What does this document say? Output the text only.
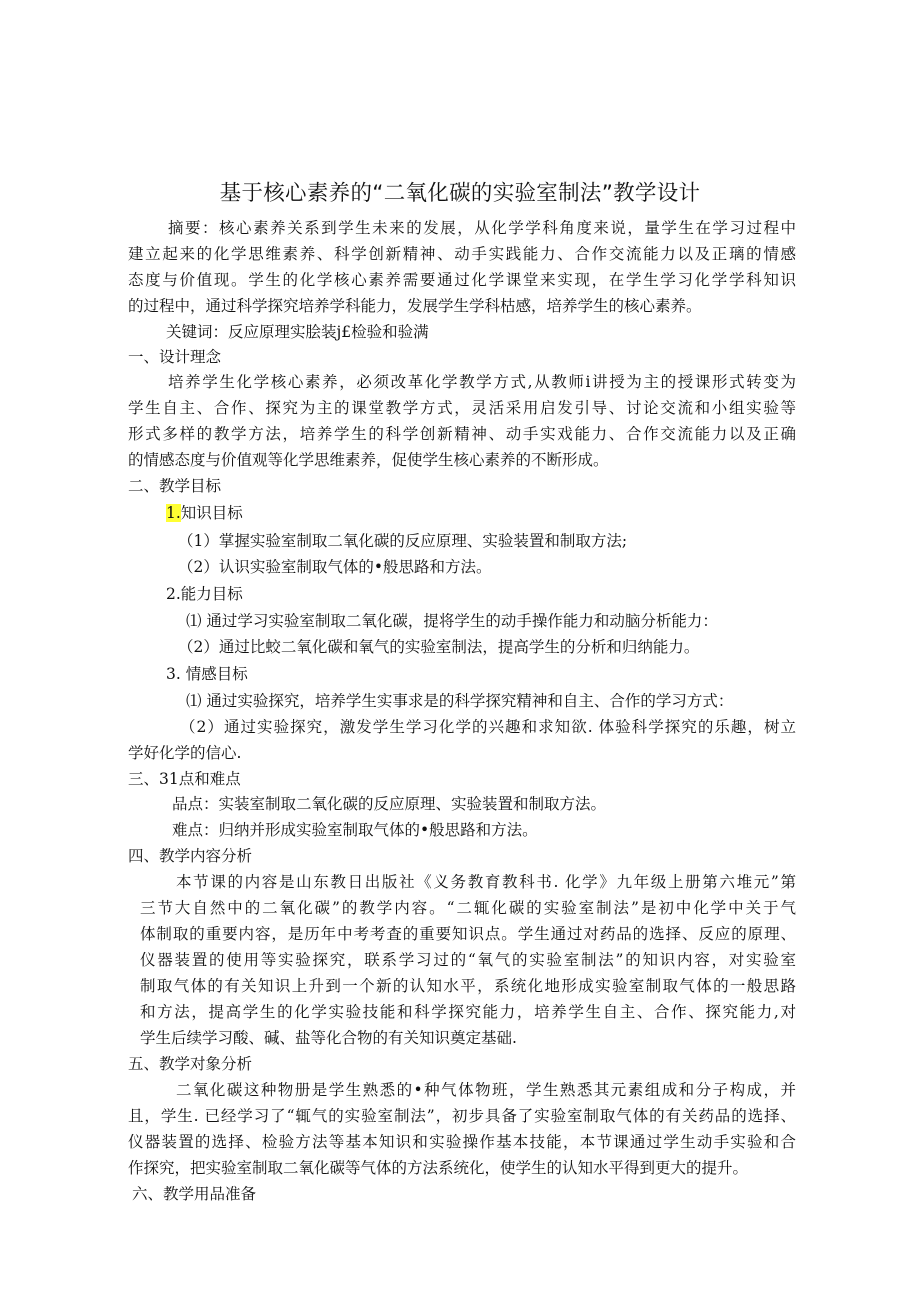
基于核心素养的“二氧化碳的实验室制法”教学设计
摘要：核心素养关系到学生未来的发展，从化学学科角度来说，量学生在学习过程中
建立起来的化学思维素养、科学创新精神、动手实践能力、合作交流能力以及正璃的情感
态度与价值现。学生的化学核心素养需要通过化学课堂来实现，在学生学习化学学科知识
的过程中，通过科学探究培养学科能力，发展学生学科枯感，培养学生的核心素养。
关键词：反应原理实脍装j£检验和验满
一、设计理念
培养学生化学核心素养，必须改革化学教学方式,从教师i讲授为主的授课形式转变为
学生自主、合作、探究为主的课堂教学方式，灵活采用启发引导、讨论交流和小组实验等
形式多样的教学方法，培养学生的科学创新精神、动手实戏能力、合作交流能力以及正确
的情感态度与价值观等化学思维素养，促使学生核心素养的不断形成。
二、教学目标
1.知识目标
（1）掌握实验室制取二氧化碳的反应原理、实验装置和制取方法;
（2）认识实验室制取气体的•般思路和方法。
2.能力目标
⑴ 通过学习实验室制取二氧化碳，提将学生的动手操作能力和动脑分析能力：
（2）通过比蛟二氧化碳和氧气的实验室制法，提高学生的分析和归纳能力。
3. 情感目标
⑴ 通过实验探究，培养学生实事求是的科学探究精神和自主、合作的学习方式：
（2）通过实验探究，激发学生学习化学的兴趣和求知欲. 体验科学探究的乐趣，树立
学好化学的信心.
三、31点和难点
品点：实装室制取二氧化碳的反应原理、实验装置和制取方法。
难点：归纳并形成实验室制取气体的•般思路和方法。
四、教学内容分析
本节课的内容是山东教日出版社《义务教育教科书. 化学》九年级上册第六堆元”第
三节大自然中的二氧化碳”的教学内容。“二辄化碳的实验室制法”是初中化学中关于气
体制取的重要内容，是历年中考考査的重要知识点。学生通过对药品的选择、反应的原理、
仪器装置的使用等实验探究，联系学习过的“氧气的实验室制法”的知识内容，对实验室
制取气体的有关知识上升到一个新的认知水平，系统化地形成实验室制取气体的一般思路
和方法，提高学生的化学实验技能和科学探究能力，培养学生自主、合作、探究能力,对
学生后续学习酸、碱、盐等化合物的有关知识奠定基础.
五、教学对象分析
二氧化碳这种物册是学生熟悉的•种气体物班，学生熟悉其元素组成和分子构成，并
且，学生. 已经学习了“辄气的实验室制法”，初步具备了实验室制取气体的有关药品的选择、
仪器装置的选择、检验方法等基本知识和实验操作基本技能，本节课通过学生动手实验和合
作探究，把实验室制取二氧化碳等气体的方法系统化，使学生的认知水平得到更大的提升。
六、教学用品准备
